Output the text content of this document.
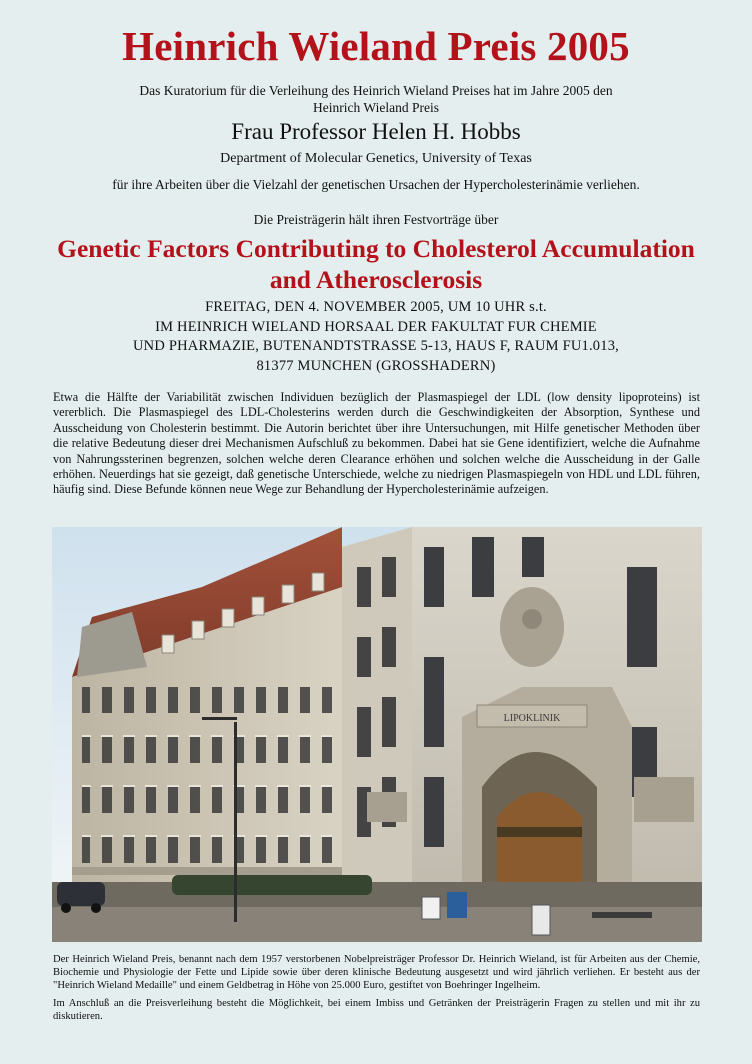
Heinrich Wieland Preis 2005
Das Kuratorium für die Verleihung des Heinrich Wieland Preises hat im Jahre 2005 den
Heinrich Wieland Preis
Frau Professor Helen H. Hobbs
Department of Molecular Genetics, University of Texas
für ihre Arbeiten über die Vielzahl der genetischen Ursachen der Hypercholesterinämie verliehen.
Die Preisträgerin hält ihren Festvorträge über
Genetic Factors Contributing to Cholesterol Accumulation
and Atherosclerosis
FREITAG, DEN 4. NOVEMBER 2005, UM 10 UHR s.t.
IM HEINRICH WIELAND HORSAAL DER FAKULTAT FUR CHEMIE
UND PHARMAZIE, BUTENANDTSTRASSE 5-13, HAUS F, RAUM FU1.013,
81377 MUNCHEN (GROSSHADERN)
Etwa die Hälfte der Variabilität zwischen Individuen bezüglich der Plasmaspiegel der LDL (low density lipoproteins) ist vererblich. Die Plasmaspiegel des LDL-Cholesterins werden durch die Geschwindigkeiten der Absorption, Synthese und Ausscheidung von Cholesterin bestimmt. Die Autorin berichtet über ihre Untersuchungen, mit Hilfe genetischer Methoden über die relative Bedeutung dieser drei Mechanismen Aufschluß zu bekommen. Dabei hat sie Gene identifiziert, welche die Aufnahme von Nahrungssterinen begrenzen, solchen welche deren Clearance erhöhen und solchen welche die Ausscheidung in der Galle erhöhen. Neuerdings hat sie gezeigt, daß genetische Unterschiede, welche zu niedrigen Plasmaspiegeln von HDL und LDL führen, häufig sind. Diese Befunde können neue Wege zur Behandlung der Hypercholesterinämie aufzeigen.
LIPOKLINIK

Der Heinrich Wieland Preis, benannt nach dem 1957 verstorbenen Nobelpreisträger Professor Dr. Heinrich Wieland, ist für Arbeiten aus der Chemie, Biochemie und Physiologie der Fette und Lipide sowie über deren klinische Bedeutung ausgesetzt und wird jährlich verliehen. Er besteht aus der "Heinrich Wieland Medaille" und einem Geldbetrag in Höhe von 25.000 Euro, gestiftet von Boehringer Ingelheim.

Im Anschluß an die Preisverleihung besteht die Möglichkeit, bei einem Imbiss und Getränken der Preisträgerin Fragen zu stellen und mit ihr zu diskutieren.
